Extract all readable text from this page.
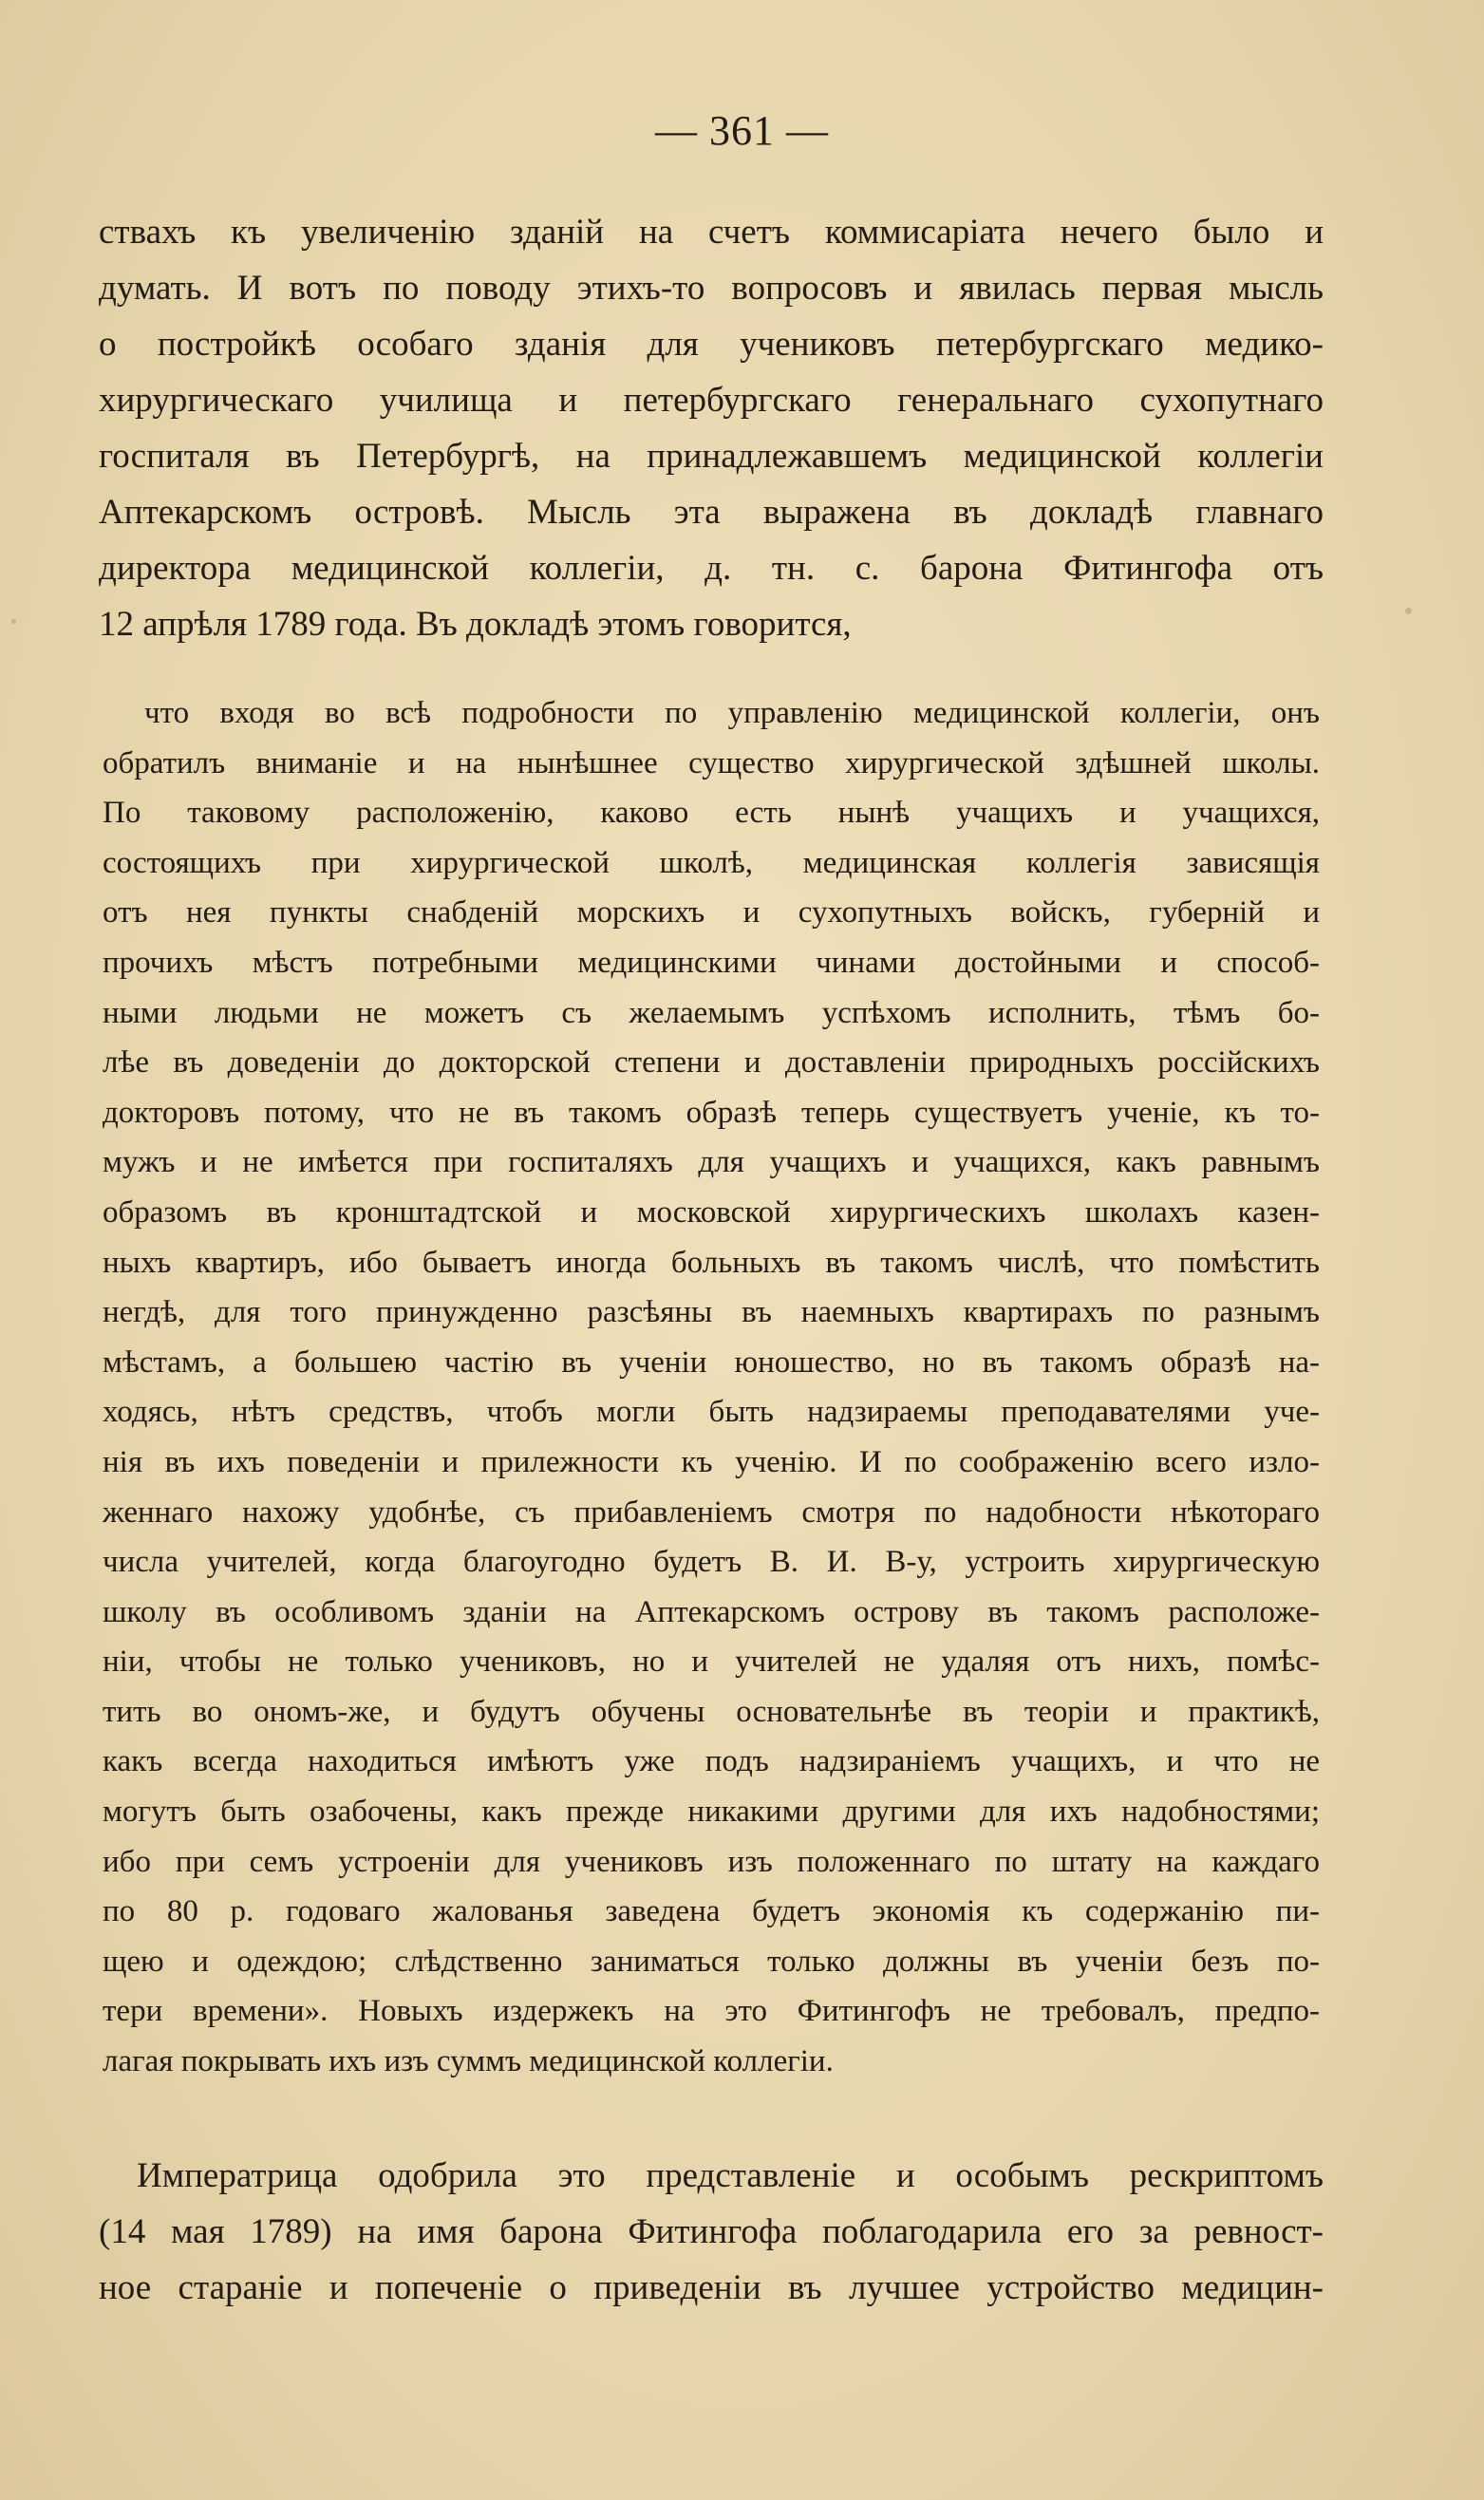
— 361 —
ствахъ къ увеличенію зданій на счетъ коммисаріата нечего было и
думать. И вотъ по поводу этихъ-то вопросовъ и явилась первая мысль
о постройкѣ особаго зданія для учениковъ петербургскаго медико-
хирургическаго училища и петербургскаго генеральнаго сухопутнаго
госпиталя въ Петербургѣ, на принадлежавшемъ медицинской коллегіи
Аптекарскомъ островѣ. Мысль эта выражена въ докладѣ главнаго
директора медицинской коллегіи, д. тн. с. барона Фитингофа отъ
12 апрѣля 1789 года. Въ докладѣ этомъ говорится,
что входя во всѣ подробности по управленію медицинской коллегіи, онъ
обратилъ вниманіе и на нынѣшнее существо хирургической здѣшней школы.
По таковому расположенію, каково есть нынѣ учащихъ и учащихся,
состоящихъ при хирургической школѣ, медицинская коллегія зависящія
отъ нея пункты снабденій морскихъ и сухопутныхъ войскъ, губерній и
прочихъ мѣстъ потребными медицинскими чинами достойными и способ-
ными людьми не можетъ съ желаемымъ успѣхомъ исполнить, тѣмъ бо-
лѣе въ доведеніи до докторской степени и доставленіи природныхъ россійскихъ
докторовъ потому, что не въ такомъ образѣ теперь существуетъ ученіе, къ то-
мужъ и не имѣется при госпиталяхъ для учащихъ и учащихся, какъ равнымъ
образомъ въ кронштадтской и московской хирургическихъ школахъ казен-
ныхъ квартиръ, ибо бываетъ иногда больныхъ въ такомъ числѣ, что помѣстить
негдѣ, для того принужденно разсѣяны въ наемныхъ квартирахъ по разнымъ
мѣстамъ, а большею частію въ ученіи юношество, но въ такомъ образѣ на-
ходясь, нѣтъ средствъ, чтобъ могли быть надзираемы преподавателями уче-
нія въ ихъ поведеніи и прилежности къ ученію. И по соображенію всего изло-
женнаго нахожу удобнѣе, съ прибавленіемъ смотря по надобности нѣкотораго
числа учителей, когда благоугодно будетъ В. И. В-у, устроить хирургическую
школу въ особливомъ зданіи на Аптекарскомъ острову въ такомъ расположе-
ніи, чтобы не только учениковъ, но и учителей не удаляя отъ нихъ, помѣс-
тить во ономъ-же, и будутъ обучены основательнѣе въ теоріи и практикѣ,
какъ всегда находиться имѣютъ уже подъ надзираніемъ учащихъ, и что не
могутъ быть озабочены, какъ прежде никакими другими для ихъ надобностями;
ибо при семъ устроеніи для учениковъ изъ положеннаго по штату на каждаго
по 80 р. годоваго жалованья заведена будетъ экономія къ содержанію пи-
щею и одеждою; слѣдственно заниматься только должны въ ученіи безъ по-
тери времени». Новыхъ издержекъ на это Фитингофъ не требовалъ, предпо-
лагая покрывать ихъ изъ суммъ медицинской коллегіи.
Императрица одобрила это представленіе и особымъ рескриптомъ
(14 мая 1789) на имя барона Фитингофа поблагодарила его за ревност-
ное стараніе и попеченіе о приведеніи въ лучшее устройство медицин-
